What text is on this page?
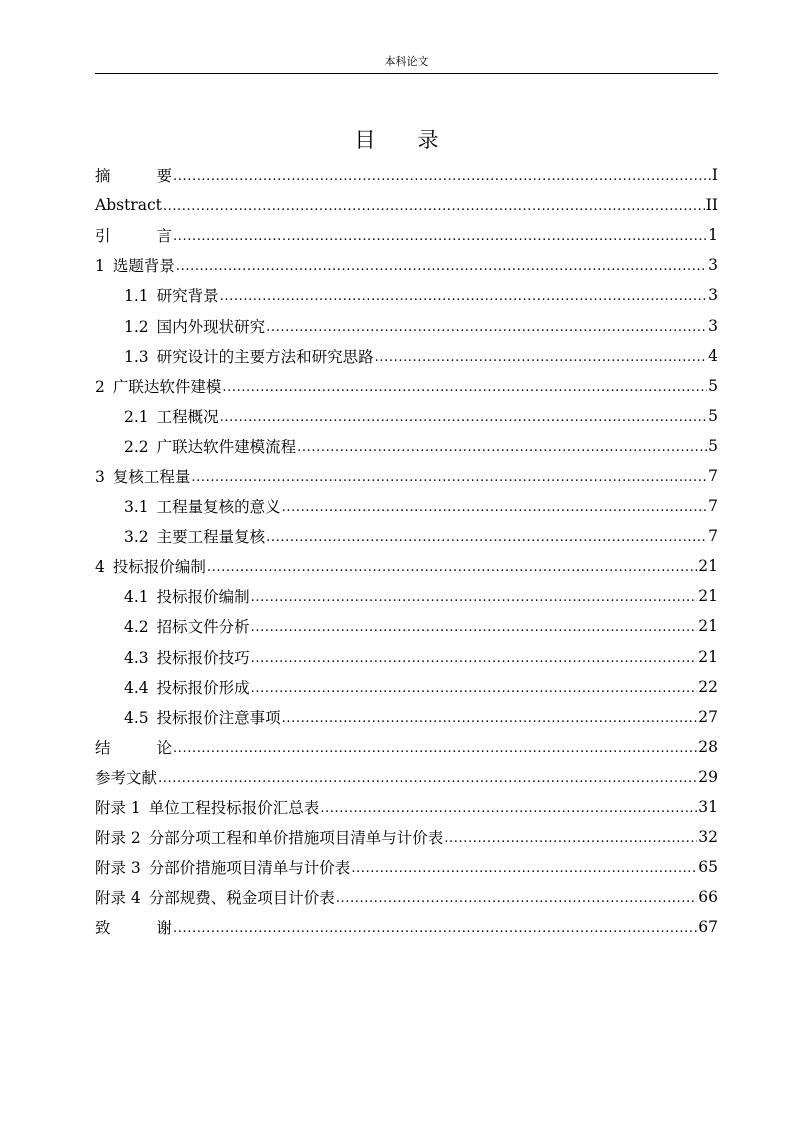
本科论文
目 录
摘	要 .....	I
Abstract .....	II
引	言 .....	1
1 选题背景 .....	3
1.1 研究背景 .....	3
1.2 国内外现状研究 .....	3
1.3 研究设计的主要方法和研究思路 .....	4
2 广联达软件建模 .....	5
2.1 工程概况 .....	5
2.2 广联达软件建模流程 .....	5
3 复核工程量 .....	7
3.1 工程量复核的意义 .....	7
3.2 主要工程量复核 .....	7
4 投标报价编制 .....	21
4.1 投标报价编制 .....	21
4.2 招标文件分析 .....	21
4.3 投标报价技巧 .....	21
4.4 投标报价形成 .....	22
4.5 投标报价注意事项 .....	27
结	论 .....	28
参考文献 .....	29
附录 1 单位工程投标报价汇总表 .....	31
附录 2 分部分项工程和单价措施项目清单与计价表 .....	32
附录 3 分部价措施项目清单与计价表 .....	65
附录 4 分部规费、税金项目计价表 .....	66
致	谢 .....	67
